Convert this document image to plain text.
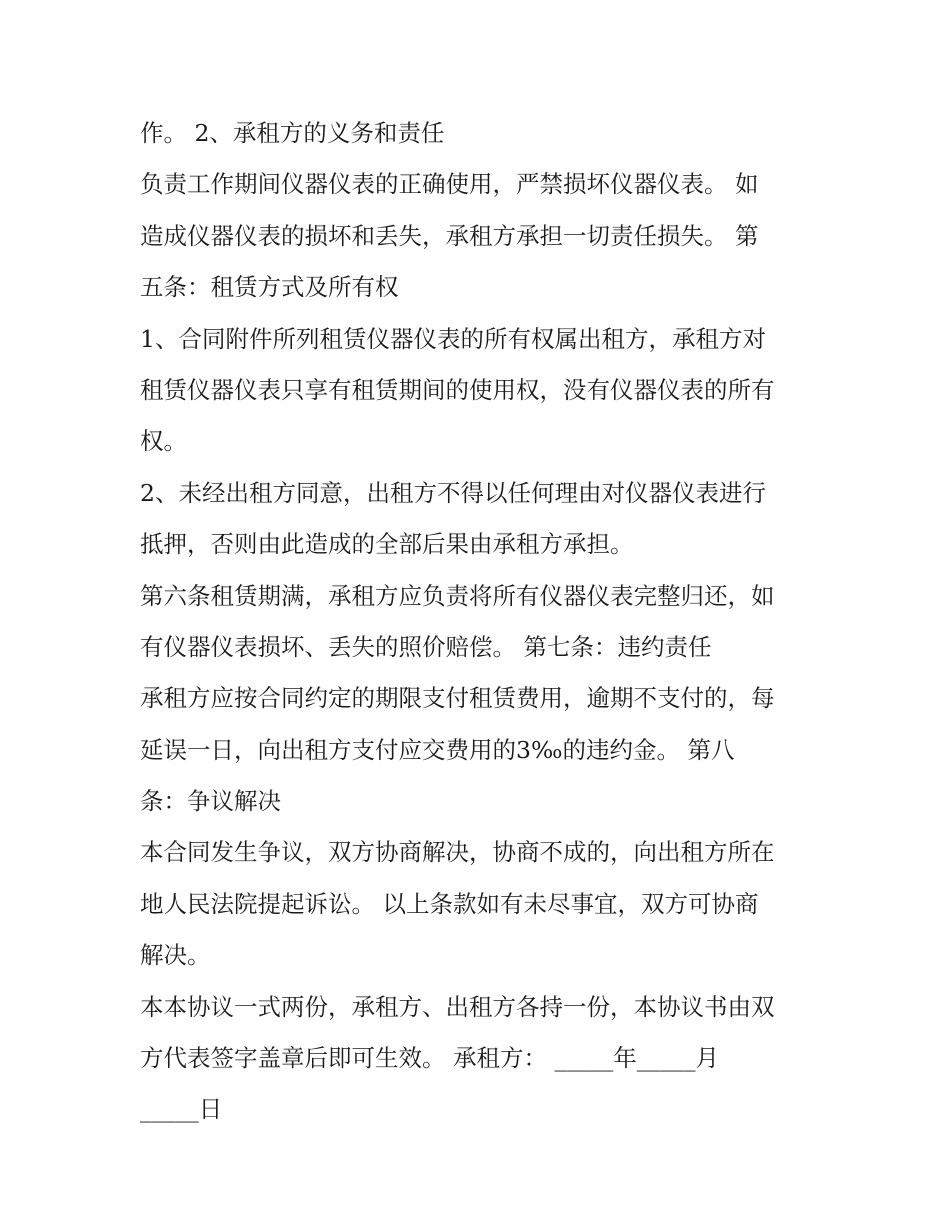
作。 2、承租方的义务和责任
负责工作期间仪器仪表的正确使用，严禁损坏仪器仪表。 如
造成仪器仪表的损坏和丢失，承租方承担一切责任损失。 第
五条：租赁方式及所有权
1、合同附件所列租赁仪器仪表的所有权属出租方，承租方对
租赁仪器仪表只享有租赁期间的使用权，没有仪器仪表的所有
权。
2、未经出租方同意，出租方不得以任何理由对仪器仪表进行
抵押，否则由此造成的全部后果由承租方承担。
第六条租赁期满，承租方应负责将所有仪器仪表完整归还，如
有仪器仪表损坏、丢失的照价赔偿。 第七条：违约责任
承租方应按合同约定的期限支付租赁费用，逾期不支付的，每
延误一日，向出租方支付应交费用的3‰的违约金。 第八
条：争议解决
本合同发生争议，双方协商解决，协商不成的，向出租方所在
地人民法院提起诉讼。 以上条款如有未尽事宜，双方可协商
解决。
本本协议一式两份，承租方、出租方各持一份，本协议书由双
方代表签字盖章后即可生效。 承租方： _____年_____月
_____日
